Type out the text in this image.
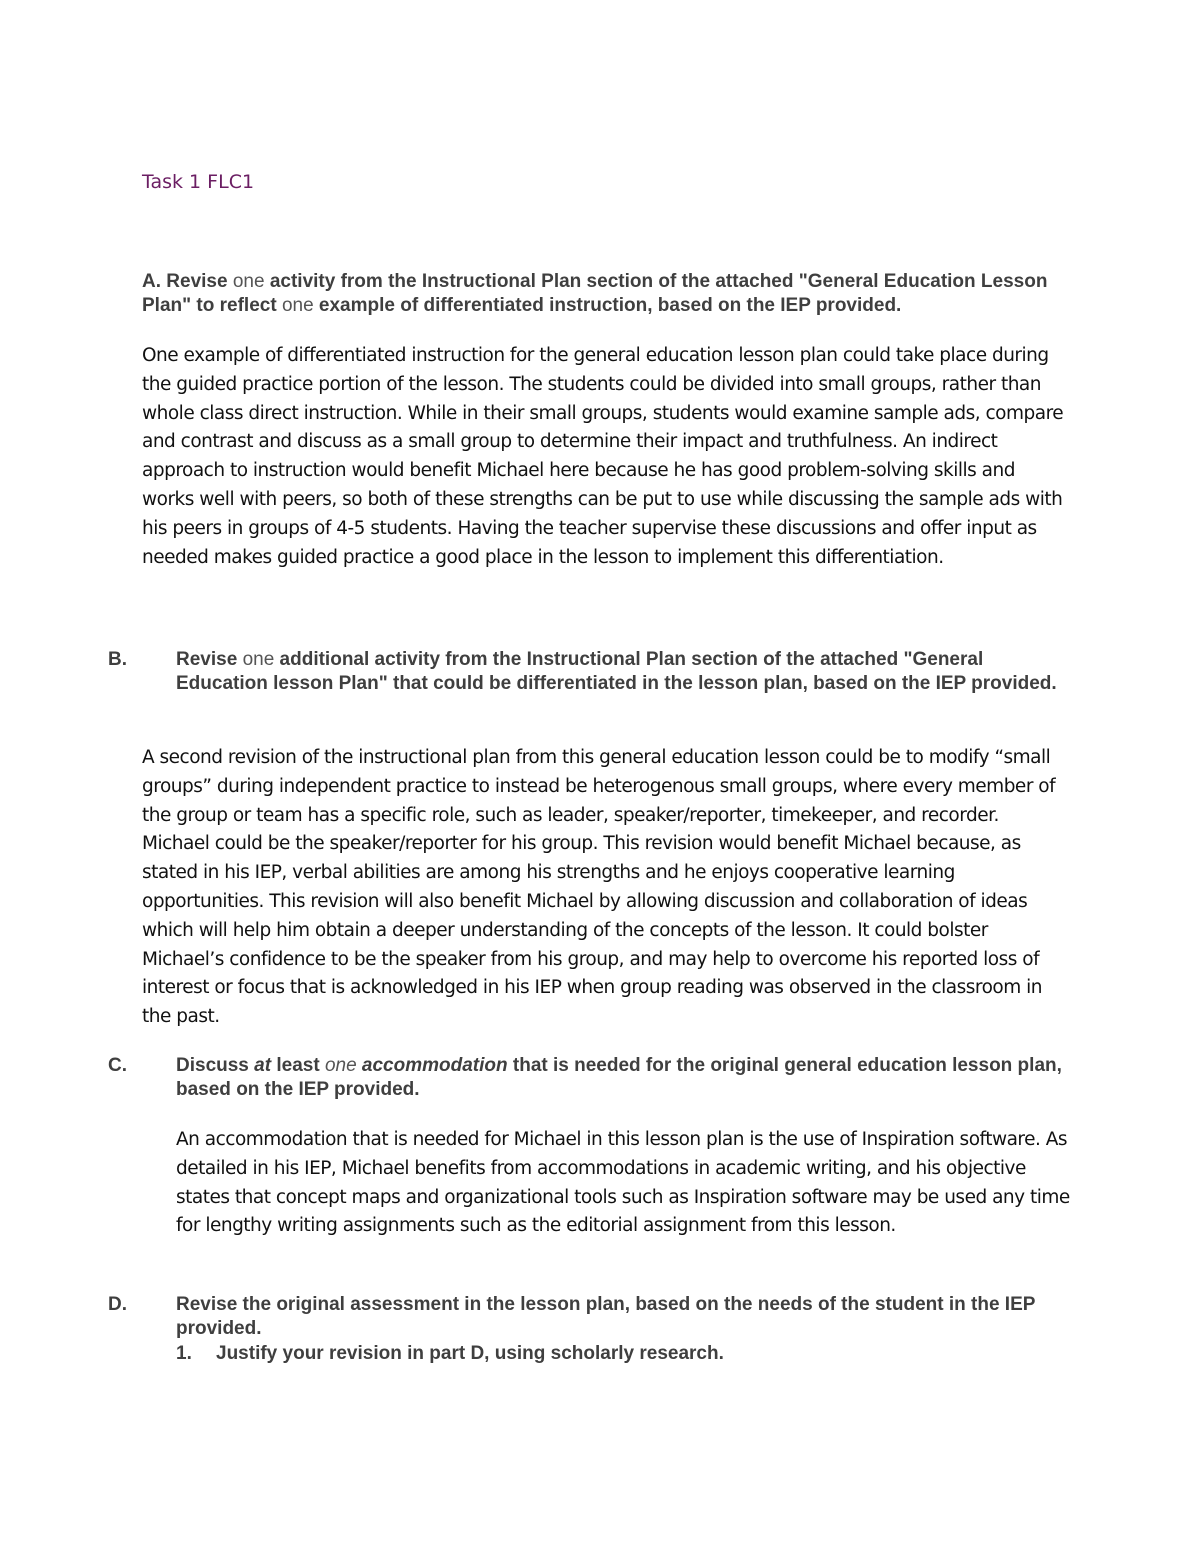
Task 1 FLC1
A. Revise one activity from the Instructional Plan section of the attached "General Education Lesson Plan" to reflect one example of differentiated instruction, based on the IEP provided.
One example of differentiated instruction for the general education lesson plan could take place during the guided practice portion of the lesson. The students could be divided into small groups, rather than whole class direct instruction. While in their small groups, students would examine sample ads, compare and contrast and discuss as a small group to determine their impact and truthfulness. An indirect approach to instruction would benefit Michael here because he has good problem-solving skills and works well with peers, so both of these strengths can be put to use while discussing the sample ads with his peers in groups of 4-5 students. Having the teacher supervise these discussions and offer input as needed makes guided practice a good place in the lesson to implement this differentiation.
B.	Revise one additional activity from the Instructional Plan section of the attached "General Education lesson Plan" that could be differentiated in the lesson plan, based on the IEP provided.
A second revision of the instructional plan from this general education lesson could be to modify “small groups” during independent practice to instead be heterogenous small groups, where every member of the group or team has a specific role, such as leader, speaker/reporter, timekeeper, and recorder. Michael could be the speaker/reporter for his group. This revision would benefit Michael because, as stated in his IEP, verbal abilities are among his strengths and he enjoys cooperative learning opportunities. This revision will also benefit Michael by allowing discussion and collaboration of ideas which will help him obtain a deeper understanding of the concepts of the lesson. It could bolster Michael’s confidence to be the speaker from his group, and may help to overcome his reported loss of interest or focus that is acknowledged in his IEP when group reading was observed in the classroom in the past.
C.	Discuss at least one accommodation that is needed for the original general education lesson plan, based on the IEP provided.
An accommodation that is needed for Michael in this lesson plan is the use of Inspiration software. As detailed in his IEP, Michael benefits from accommodations in academic writing, and his objective states that concept maps and organizational tools such as Inspiration software may be used any time for lengthy writing assignments such as the editorial assignment from this lesson.
D.	Revise the original assessment in the lesson plan, based on the needs of the student in the IEP provided.
1. Justify your revision in part D, using scholarly research.
